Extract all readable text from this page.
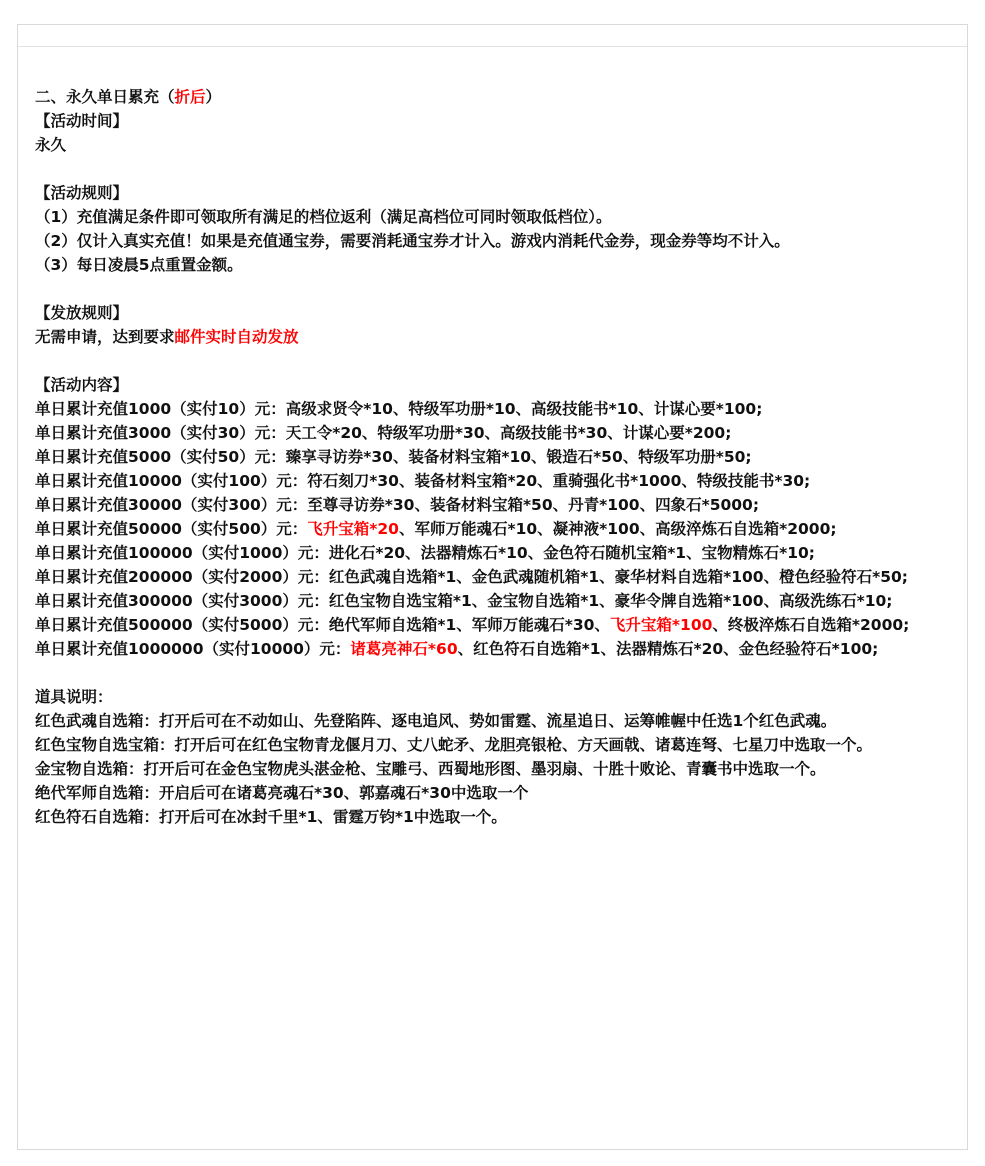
二、永久单日累充（折后）

【活动时间】

永久

【活动规则】

（1）充值满足条件即可领取所有满足的档位返利（满足高档位可同时领取低档位）。

（2）仅计入真实充值！如果是充值通宝券，需要消耗通宝券才计入。游戏内消耗代金券，现金券等均不计入。

（3）每日凌晨5点重置金额。

【发放规则】

无需申请，达到要求邮件实时自动发放

【活动内容】

单日累计充值1000（实付10）元：高级求贤令*10、特级军功册*10、高级技能书*10、计谋心要*100;

单日累计充值3000（实付30）元：天工令*20、特级军功册*30、高级技能书*30、计谋心要*200;

单日累计充值5000（实付50）元：臻享寻访券*30、装备材料宝箱*10、锻造石*50、特级军功册*50;

单日累计充值10000（实付100）元：符石刻刀*30、装备材料宝箱*20、重骑强化书*1000、特级技能书*30;

单日累计充值30000（实付300）元：至尊寻访券*30、装备材料宝箱*50、丹青*100、四象石*5000;

单日累计充值50000（实付500）元：飞升宝箱*20、军师万能魂石*10、凝神液*100、高级淬炼石自选箱*2000;

单日累计充值100000（实付1000）元：进化石*20、法器精炼石*10、金色符石随机宝箱*1、宝物精炼石*10;

单日累计充值200000（实付2000）元：红色武魂自选箱*1、金色武魂随机箱*1、豪华材料自选箱*100、橙色经验符石*50;

单日累计充值300000（实付3000）元：红色宝物自选宝箱*1、金宝物自选箱*1、豪华令牌自选箱*100、高级洗练石*10;

单日累计充值500000（实付5000）元：绝代军师自选箱*1、军师万能魂石*30、飞升宝箱*100、终极淬炼石自选箱*2000;

单日累计充值1000000（实付10000）元：诸葛亮神石*60、红色符石自选箱*1、法器精炼石*20、金色经验符石*100;

道具说明：

红色武魂自选箱：打开后可在不动如山、先登陷阵、逐电追风、势如雷霆、流星追日、运筹帷幄中任选1个红色武魂。

红色宝物自选宝箱：打开后可在红色宝物青龙偃月刀、丈八蛇矛、龙胆亮银枪、方天画戟、诸葛连弩、七星刀中选取一个。

金宝物自选箱：打开后可在金色宝物虎头湛金枪、宝雕弓、西蜀地形图、墨羽扇、十胜十败论、青囊书中选取一个。

绝代军师自选箱：开启后可在诸葛亮魂石*30、郭嘉魂石*30中选取一个

红色符石自选箱：打开后可在冰封千里*1、雷霆万钧*1中选取一个。
